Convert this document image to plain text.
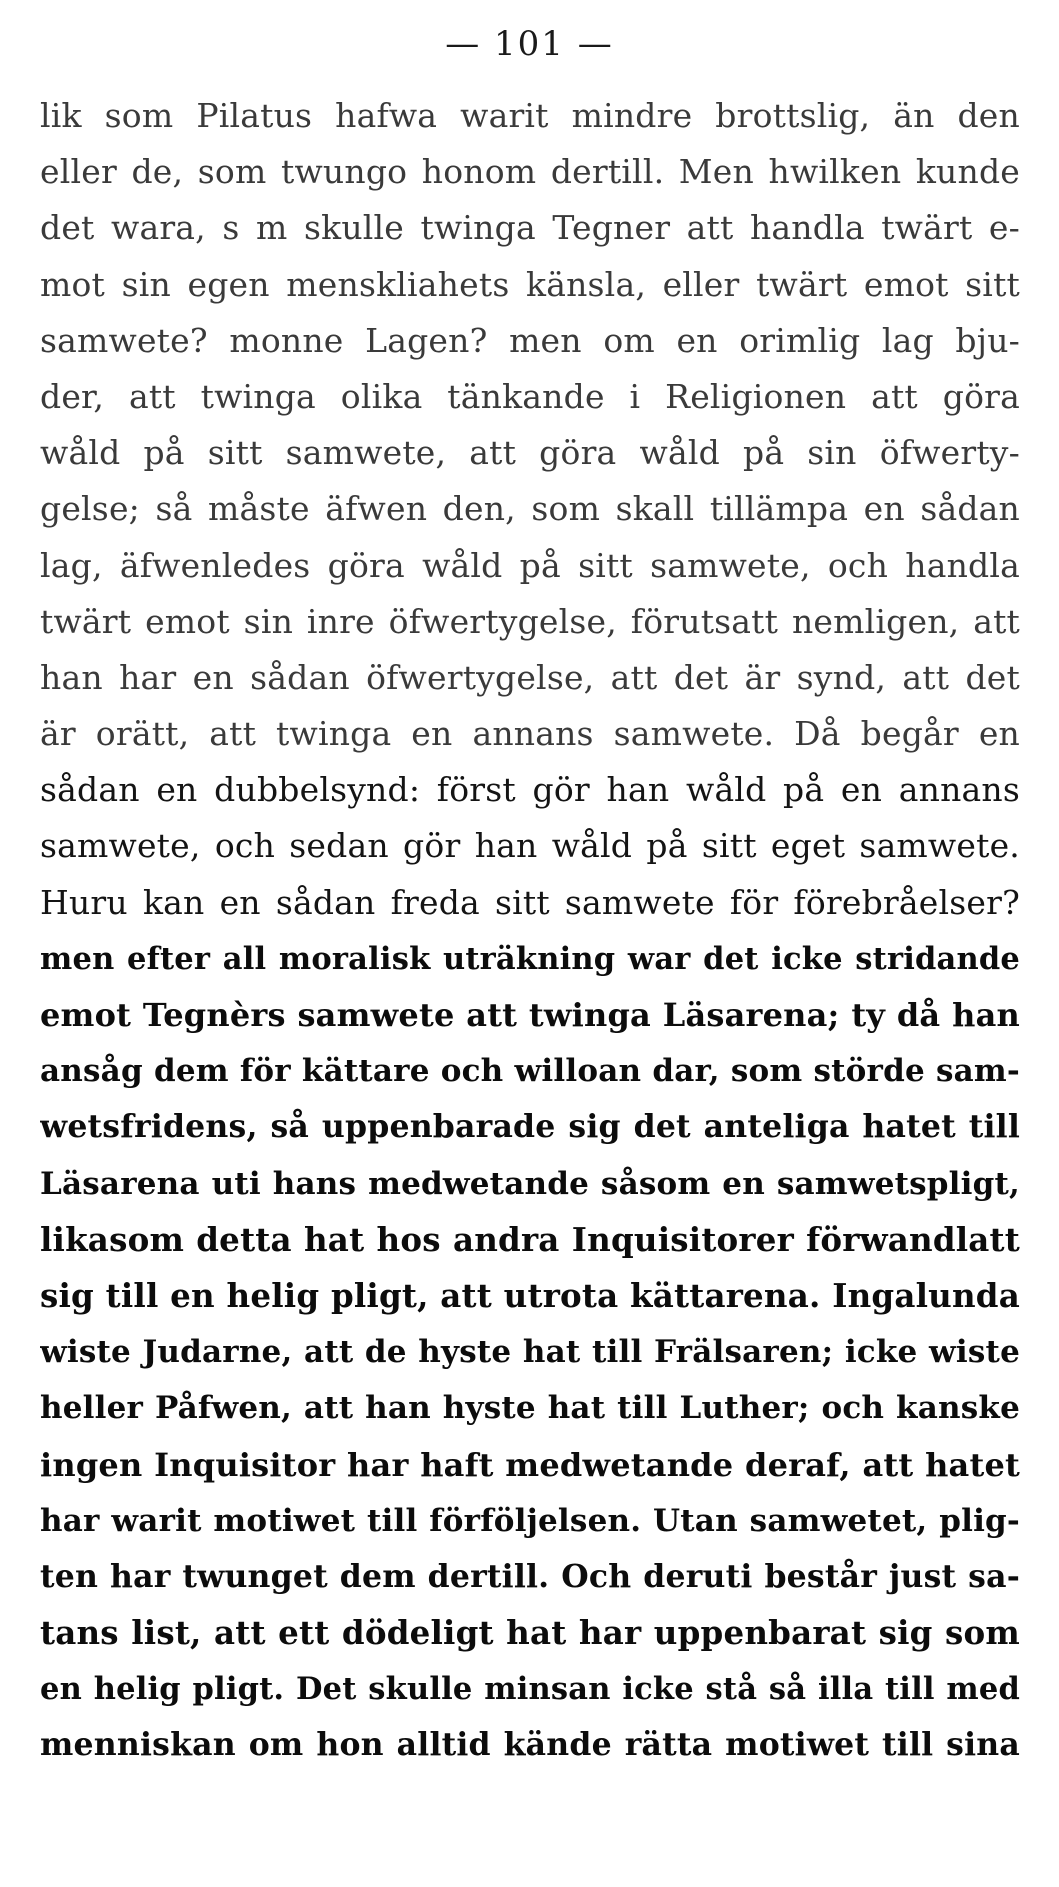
— 101 —
lik som Pilatus hafwa warit mindre brottslig, än den
eller de, som twungo honom dertill. Men hwilken kunde
det wara, s m skulle twinga Tegner att handla twärt e-
mot sin egen menskliahets känsla, eller twärt emot sitt
samwete? monne Lagen? men om en orimlig lag bju-
der, att twinga olika tänkande i Religionen att göra
wåld på sitt samwete, att göra wåld på sin öfwerty-
gelse; så måste äfwen den, som skall tillämpa en sådan
lag, äfwenledes göra wåld på sitt samwete, och handla
twärt emot sin inre öfwertygelse, förutsatt nemligen, att
han har en sådan öfwertygelse, att det är synd, att det
är orätt, att twinga en annans samwete. Då begår en
sådan en dubbelsynd: först gör han wåld på en annans
samwete, och sedan gör han wåld på sitt eget samwete.
Huru kan en sådan freda sitt samwete för förebråelser?
men efter all moralisk uträkning war det icke stridande
emot Tegnèrs samwete att twinga Läsarena; ty då han
ansåg dem för kättare och willoan dar, som störde sam-
wetsfridens, så uppenbarade sig det anteliga hatet till
Läsarena uti hans medwetande såsom en samwetspligt,
likasom detta hat hos andra Inquisitorer förwandlatt
sig till en helig pligt, att utrota kättarena. Ingalunda
wiste Judarne, att de hyste hat till Frälsaren; icke wiste
heller Påfwen, att han hyste hat till Luther; och kanske
ingen Inquisitor har haft medwetande deraf, att hatet
har warit motiwet till förföljelsen. Utan samwetet, plig-
ten har twunget dem dertill. Och deruti består just sa-
tans list, att ett dödeligt hat har uppenbarat sig som
en helig pligt. Det skulle minsan icke stå så illa till med
menniskan om hon alltid kände rätta motiwet till sina
